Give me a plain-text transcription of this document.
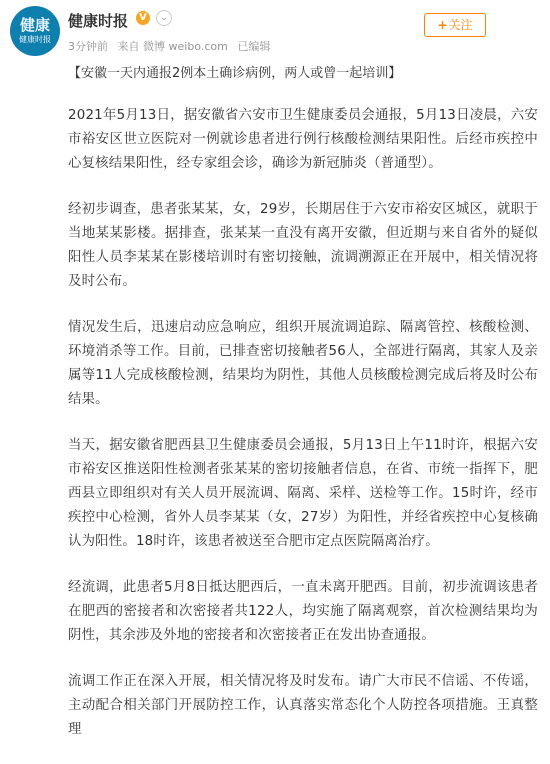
健康
健康时报
健康时报	V	⌄
3分钟前 来自 微博 weibo.com 已编辑
+关注
【安徽一天内通报2例本土确诊病例，两人或曾一起培训】

2021年5月13日，据安徽省六安市卫生健康委员会通报，5月13日凌晨，六安市裕安区世立医院对一例就诊患者进行例行核酸检测结果阳性。后经市疾控中心复核结果阳性，经专家组会诊，确诊为新冠肺炎（普通型）。

经初步调查，患者张某某，女，29岁，长期居住于六安市裕安区城区，就职于当地某某影楼。据排查，张某某一直没有离开安徽，但近期与来自省外的疑似阳性人员李某某在影楼培训时有密切接触，流调溯源正在开展中，相关情况将及时公布。

情况发生后，迅速启动应急响应，组织开展流调追踪、隔离管控、核酸检测、环境消杀等工作。目前，已排查密切接触者56人，全部进行隔离，其家人及亲属等11人完成核酸检测，结果均为阴性，其他人员核酸检测完成后将及时公布结果。

当天，据安徽省肥西县卫生健康委员会通报，5月13日上午11时许，根据六安市裕安区推送阳性检测者张某某的密切接触者信息，在省、市统一指挥下，肥西县立即组织对有关人员开展流调、隔离、采样、送检等工作。15时许，经市疾控中心检测，省外人员李某某（女，27岁）为阳性，并经省疾控中心复核确认为阳性。18时许，该患者被送至合肥市定点医院隔离治疗。

经流调，此患者5月8日抵达肥西后，一直未离开肥西。目前，初步流调该患者在肥西的密接者和次密接者共122人，均实施了隔离观察，首次检测结果均为阴性，其余涉及外地的密接者和次密接者正在发出协查通报。

流调工作正在深入开展，相关情况将及时发布。请广大市民不信谣、不传谣，主动配合相关部门开展防控工作，认真落实常态化个人防控各项措施。王真整理
